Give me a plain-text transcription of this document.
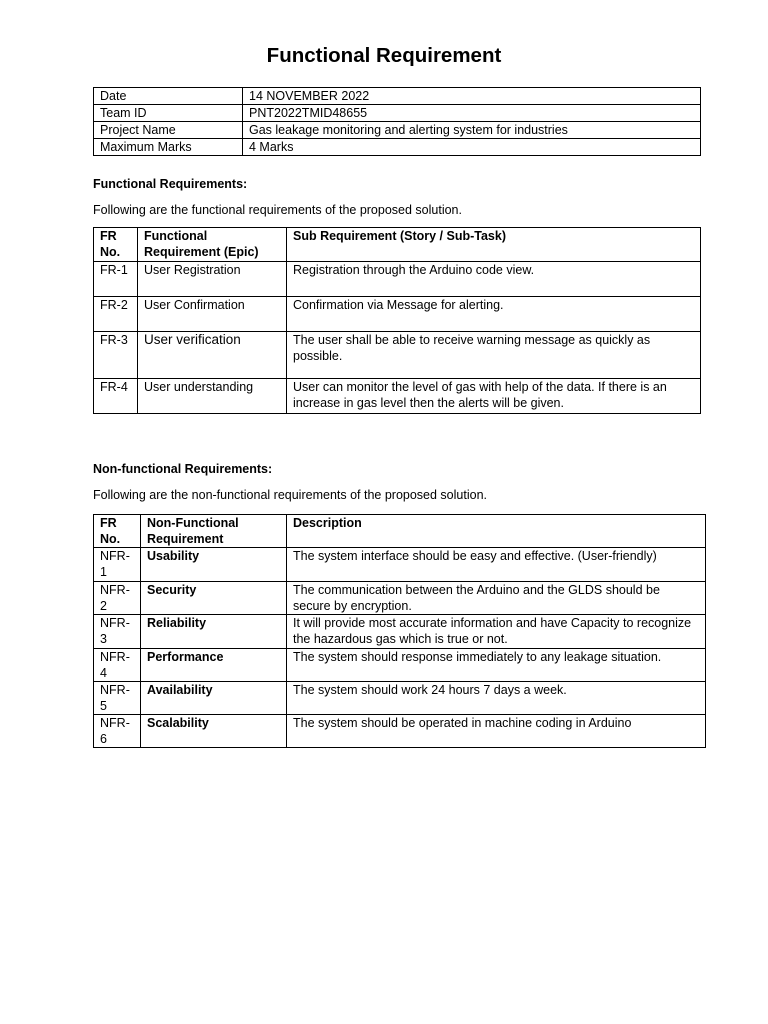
Functional Requirement
Date	14 NOVEMBER 2022
Team ID	PNT2022TMID48655
Project Name	Gas leakage monitoring and alerting system for industries
Maximum Marks	4 Marks
Functional Requirements:
Following are the functional requirements of the proposed solution.
FR No.	Functional Requirement (Epic)	Sub Requirement (Story / Sub-Task)
FR-1	User Registration	Registration through the Arduino code view.
FR-2	User Confirmation	Confirmation via Message for alerting.
FR-3	User verification	The user shall be able to receive warning message as quickly as possible.
FR-4	User understanding	User can monitor the level of gas with help of the data. If there is an increase in gas level then the alerts will be given.
Non-functional Requirements:
Following are the non-functional requirements of the proposed solution.
FR No.	Non-Functional Requirement	Description
NFR-1	Usability	The system interface should be easy and effective. (User-friendly)
NFR-2	Security	The communication between the Arduino and the GLDS should be secure by encryption.
NFR-3	Reliability	It will provide most accurate information and have Capacity to recognize the hazardous gas which is true or not.
NFR-4	Performance	The system should response immediately to any leakage situation.
NFR-5	Availability	The system should work 24 hours 7 days a week.
NFR-6	Scalability	The system should be operated in machine coding in Arduino
